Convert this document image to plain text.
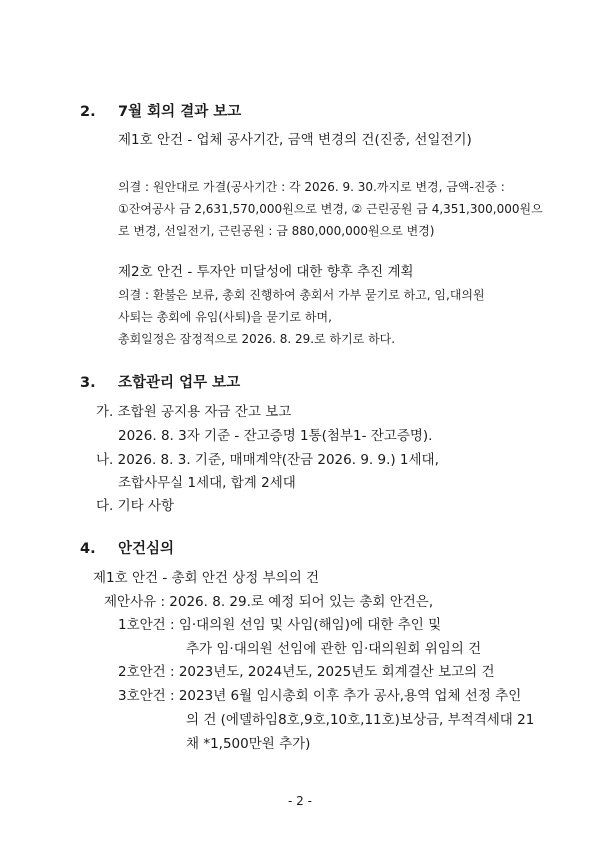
2. 7월 회의 결과 보고
제1호 안건 - 업체 공사기간, 금액 변경의 건(진중, 선일전기)
의결 : 원안대로 가결(공사기간 : 각 2026. 9. 30.까지로 변경, 금액-진중 :
①잔여공사 금 2,631,570,000원으로 변경, ② 근린공원 금 4,351,300,000원으
로 변경, 선일전기, 근린공원 : 금 880,000,000원으로 변경)
제2호 안건 - 투자안 미달성에 대한 향후 추진 계획
의결 : 환불은 보류, 총회 진행하여 총회서 가부 묻기로 하고, 임,대의원
사퇴는 총회에 유임(사퇴)을 묻기로 하며,
총회일정은 잠정적으로 2026. 8. 29.로 하기로 하다.
3. 조합관리 업무 보고
가. 조합원 공지용 자금 잔고 보고
2026. 8. 3자 기준 - 잔고증명 1통(첨부1- 잔고증명).
나. 2026. 8. 3. 기준, 매매계약(잔금 2026. 9. 9.) 1세대,
조합사무실 1세대, 합계 2세대
다. 기타 사항
4. 안건심의
제1호 안건 - 총회 안건 상정 부의의 건
제안사유 : 2026. 8. 29.로 예정 되어 있는 총회 안건은,
1호안건 : 임·대의원 선임 및 사임(해임)에 대한 추인 및
추가 임·대의원 선임에 관한 임·대의원회 위임의 건
2호안건 : 2023년도, 2024년도, 2025년도 회계결산 보고의 건
3호안건 : 2023년 6월 임시총회 이후 추가 공사,용역 업체 선정 추인
의 건 (에델하임8호,9호,10호,11호)보상금, 부적격세대 21
채 *1,500만원 추가)
- 2 -
